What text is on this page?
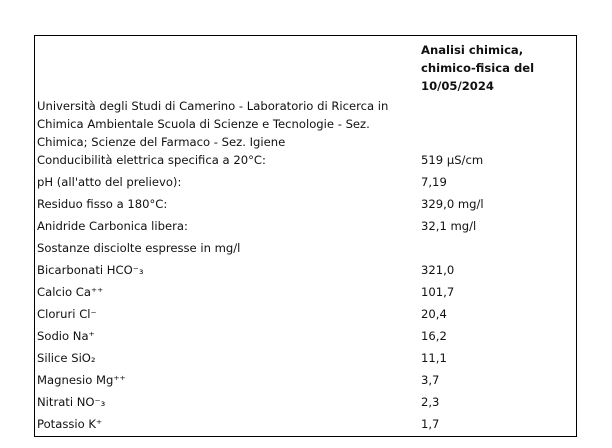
Analisi chimica, chimico-fisica del 10/05/2024
Università degli Studi di Camerino - Laboratorio di Ricerca in Chimica Ambientale Scuola di Scienze e Tecnologie - Sez. Chimica; Scienze del Farmaco - Sez. Igiene
Conducibilità elettrica specifica a 20°C:	519 µS/cm
pH (all'atto del prelievo):	7,19
Residuo fisso a 180°C:	329,0 mg/l
Anidride Carbonica libera:	32,1 mg/l
Sostanze disciolte espresse in mg/l
Bicarbonati HCO⁻₃	321,0
Calcio Ca⁺⁺	101,7
Cloruri Cl⁻	20,4
Sodio Na⁺	16,2
Silice SiO₂	11,1
Magnesio Mg⁺⁺	3,7
Nitrati NO⁻₃	2,3
Potassio K⁺	1,7
